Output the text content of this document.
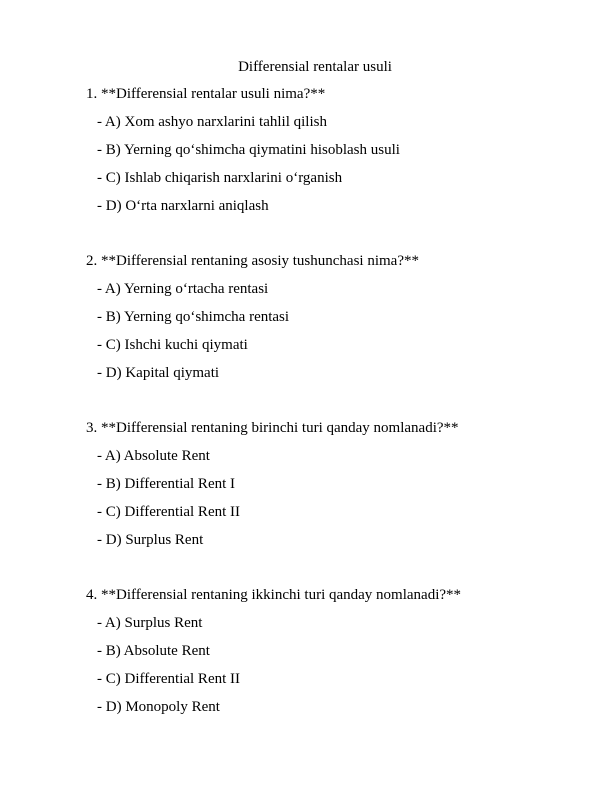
Differensial rentalar usuli
1. **Differensial rentalar usuli nima?**
- A) Xom ashyo narxlarini tahlil qilish
- B) Yerning qo‘shimcha qiymatini hisoblash usuli
- C) Ishlab chiqarish narxlarini o‘rganish
- D) O‘rta narxlarni aniqlash
2. **Differensial rentaning asosiy tushunchasi nima?**
- A) Yerning o‘rtacha rentasi
- B) Yerning qo‘shimcha rentasi
- C) Ishchi kuchi qiymati
- D) Kapital qiymati
3. **Differensial rentaning birinchi turi qanday nomlanadi?**
- A) Absolute Rent
- B) Differential Rent I
- C) Differential Rent II
- D) Surplus Rent
4. **Differensial rentaning ikkinchi turi qanday nomlanadi?**
- A) Surplus Rent
- B) Absolute Rent
- C) Differential Rent II
- D) Monopoly Rent
